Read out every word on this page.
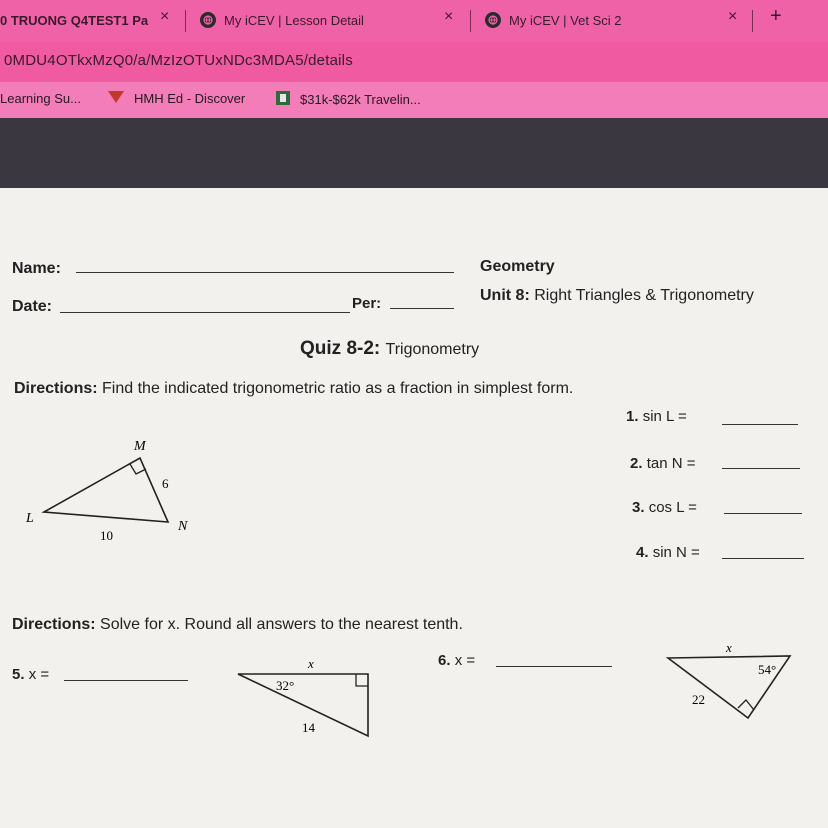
0 TRUONG Q4TEST1 Pa ×	My iCEV | Lesson Detail	×	My iCEV | Vet Sci 2	× +
0MDU4OTkxMzQ0/a/MzIzOTUxNDc3MDA5/details
Learning Su...	HMH Ed - Discover	$31k-$62k Travelin...
Name:	Geometry
Date:	Per:	Unit 8: Right Triangles & Trigonometry
Quiz 8-2: Trigonometry
Directions: Find the indicated trigonometric ratio as a fraction in simplest form.
M
L
N
6
10
1. sin L =
2. tan N =
3. cos L =
4. sin N =
Directions: Solve for x. Round all answers to the nearest tenth.
5. x =
x
32°
14
6. x =
x
54°
22
